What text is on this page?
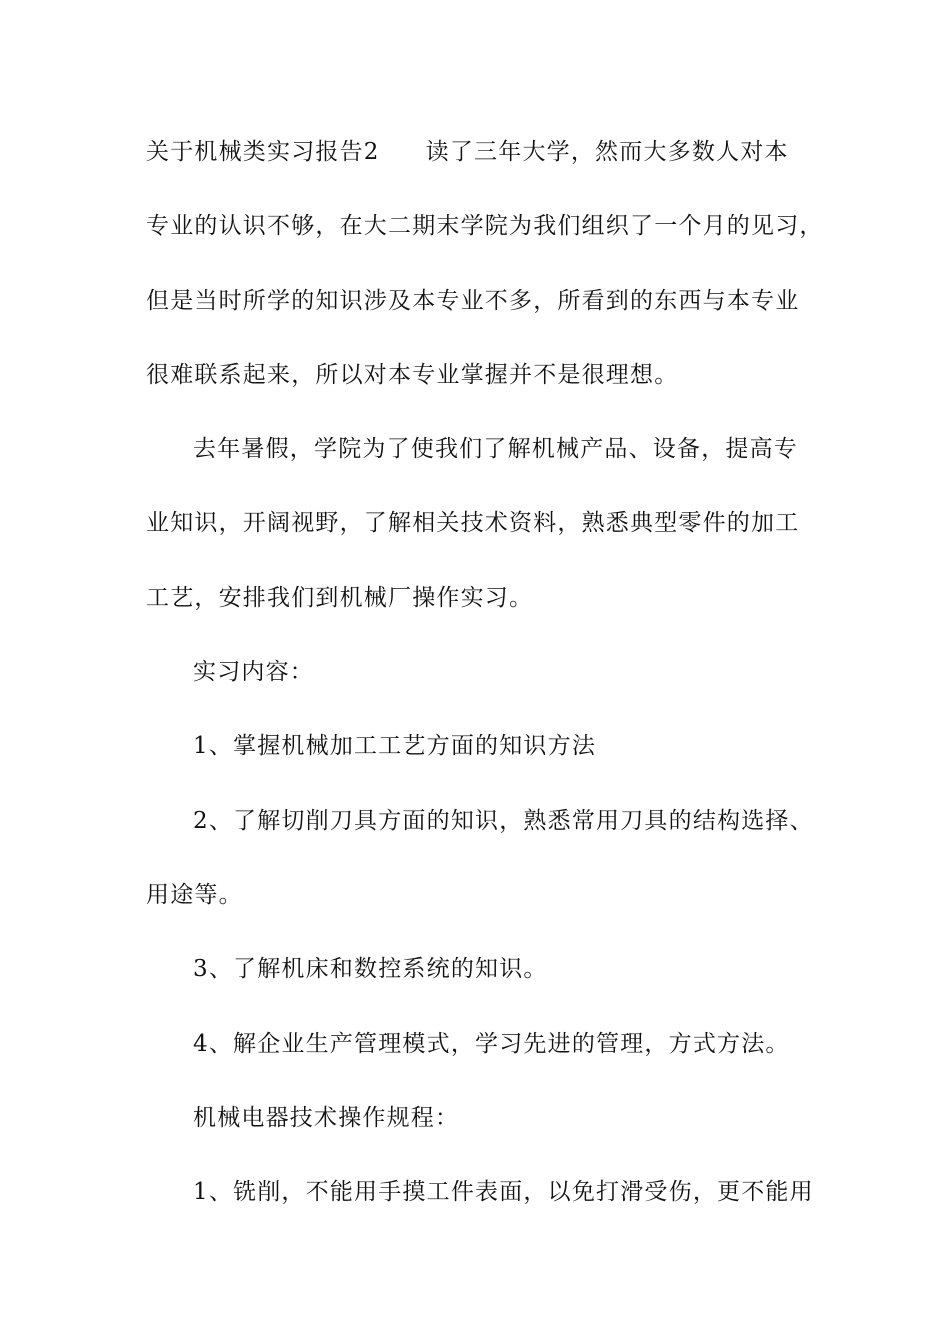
关于机械类实习报告2 读了三年大学，然而大多数人对本
专业的认识不够，在大二期末学院为我们组织了一个月的见习，
但是当时所学的知识涉及本专业不多，所看到的东西与本专业
很难联系起来，所以对本专业掌握并不是很理想。
去年暑假，学院为了使我们了解机械产品、设备，提高专
业知识，开阔视野，了解相关技术资料，熟悉典型零件的加工
工艺，安排我们到机械厂操作实习。
实习内容：
1、掌握机械加工工艺方面的知识方法
2、了解切削刀具方面的知识，熟悉常用刀具的结构选择、
用途等。
3、了解机床和数控系统的知识。
4、解企业生产管理模式，学习先进的管理，方式方法。
机械电器技术操作规程：
1、铣削，不能用手摸工件表面，以免打滑受伤，更不能用
